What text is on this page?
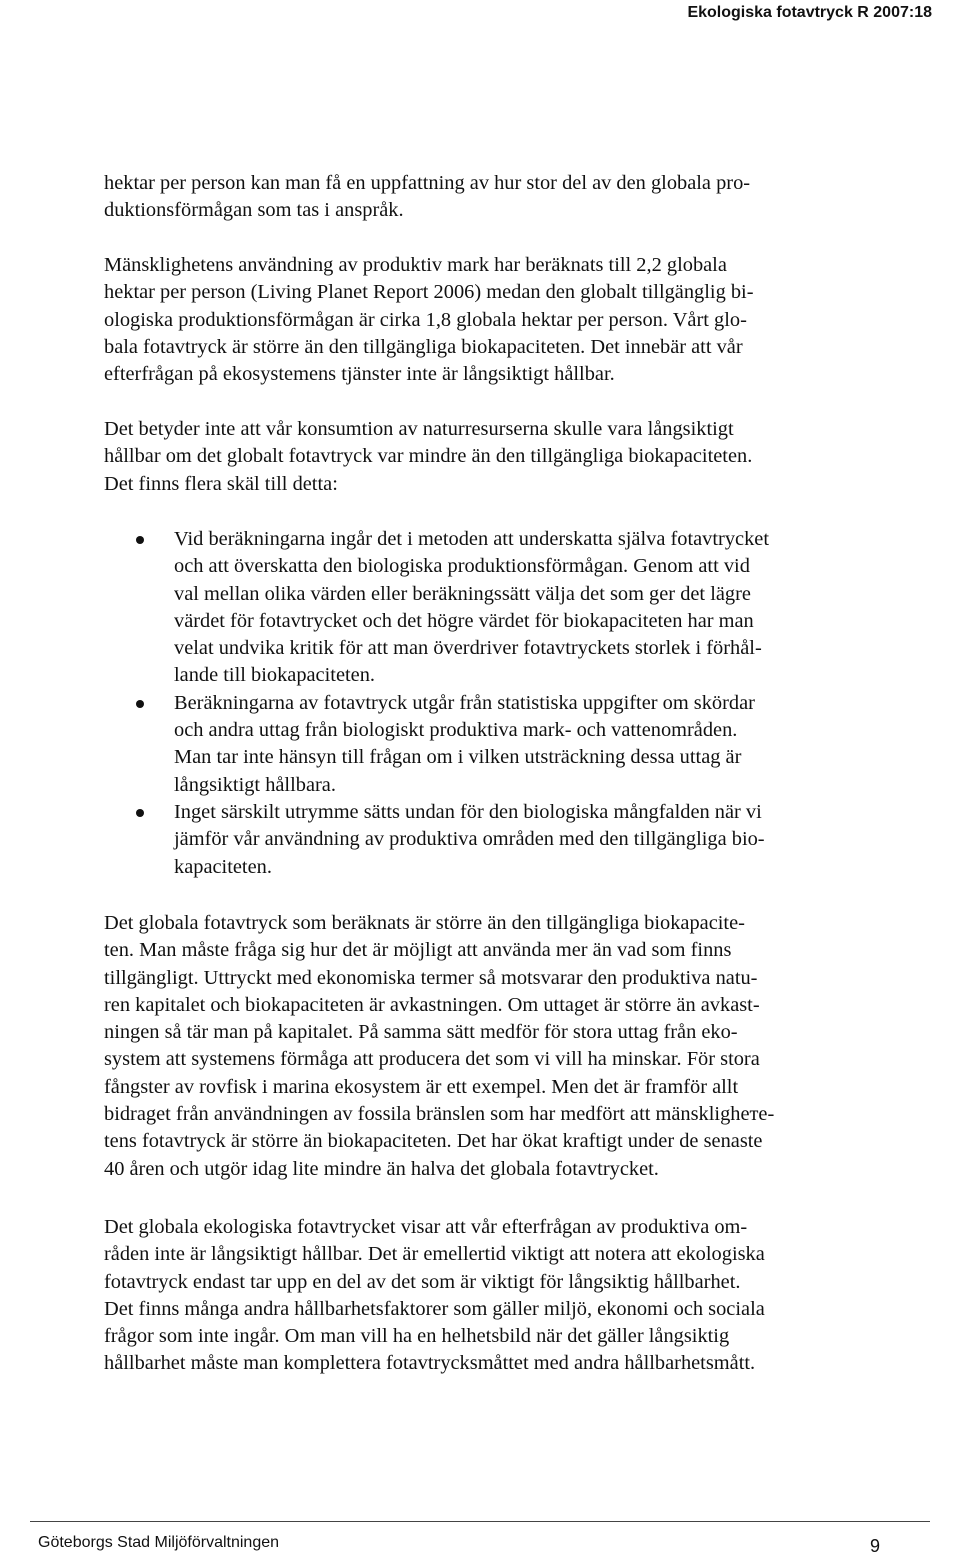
Ekologiska fotavtryck R 2007:18

hektar per person kan man få en uppfattning av hur stor del av den globala pro-
duktionsförmågan som tas i anspråk.

Mänsklighetens användning av produktiv mark har beräknats till 2,2 globala
hektar per person (Living Planet Report 2006) medan den globalt tillgänglig bi-
ologiska produktionsförmågan är cirka 1,8 globala hektar per person. Vårt glo-
bala fotavtryck är större än den tillgängliga biokapaciteten. Det innebär att vår
efterfrågan på ekosystemens tjänster inte är långsiktigt hållbar.

Det betyder inte att vår konsumtion av naturresurserna skulle vara långsiktigt
hållbar om det globalt fotavtryck var mindre än den tillgängliga biokapaciteten.
Det finns flera skäl till detta:

Vid beräkningarna ingår det i metoden att underskatta själva fotavtrycket
och att överskatta den biologiska produktionsförmågan. Genom att vid
val mellan olika värden eller beräkningssätt välja det som ger det lägre
värdet för fotavtrycket och det högre värdet för biokapaciteten har man
velat undvika kritik för att man överdriver fotavtryckets storlek i förhål-
lande till biokapaciteten.
Beräkningarna av fotavtryck utgår från statistiska uppgifter om skördar
och andra uttag från biologiskt produktiva mark- och vattenområden.
Man tar inte hänsyn till frågan om i vilken utsträckning dessa uttag är
långsiktigt hållbara.
Inget särskilt utrymme sätts undan för den biologiska mångfalden när vi
jämför vår användning av produktiva områden med den tillgängliga bio-
kapaciteten.

Det globala fotavtryck som beräknats är större än den tillgängliga biokapacite-
ten. Man måste fråga sig hur det är möjligt att använda mer än vad som finns
tillgängligt. Uttryckt med ekonomiska termer så motsvarar den produktiva natu-
ren kapitalet och biokapaciteten är avkastningen. Om uttaget är större än avkast-
ningen så tär man på kapitalet. På samma sätt medför för stora uttag från eko-
system att systemens förmåga att producera det som vi vill ha minskar. För stora
fångster av rovfisk i marina ekosystem är ett exempel. Men det är framför allt
bidraget från användningen av fossila bränslen som har medfört att mänskligheте-
tens fotavtryck är större än biokapaciteten. Det har ökat kraftigt under de senaste
40 åren och utgör idag lite mindre än halva det globala fotavtrycket.

Det globala ekologiska fotavtrycket visar att vår efterfrågan av produktiva om-
råden inte är långsiktigt hållbar. Det är emellertid viktigt att notera att ekologiska
fotavtryck endast tar upp en del av det som är viktigt för långsiktig hållbarhet.
Det finns många andra hållbarhetsfaktorer som gäller miljö, ekonomi och sociala
frågor som inte ingår. Om man vill ha en helhetsbild när det gäller långsiktig
hållbarhet måste man komplettera fotavtrycksmåttet med andra hållbarhetsmått.

Göteborgs Stad Miljöförvaltningen	9
